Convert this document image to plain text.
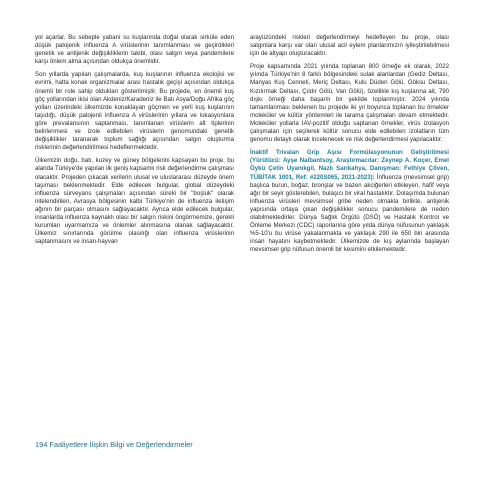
yol açarlar. Bu sebeple yabani su kuşlarında doğal olarak sirküle eden düşük patojenik influenza A virüslerinin tanımlanması ve geçirdikleri genetik ve antijenik değişikliklerin takibi, olası salgın veya pandemilere karşı önlem alma açısından oldukça önemlidir.

Son yıllarda yapılan çalışmalarda, kuş kuşlarının influenza ekolojisi ve evrimi, hatta konak organizmalar arası hastalık geçişi açısından oldukça önemli bir role sahip oldukları gösterilmiştir. Bu projede, en önemli kuş göç yollarından ikisi olan Akdeniz/Karadeniz ile Batı Asya/Doğu Afrika göç yolları üzerindeki ülkemizde konaklayan göçmen ve yerli kuş kuşlarının taşıdığı, düşük patojenli influenza A virüslerinin yıllara ve lokasyonlara göre prevalansının saptanması, tanımlanan virüslerin alt tiplerinin belirlenmesi ve izole edilebilen virüslerin genomundaki genetik değişiklikler taranarak toplum sağlığı açısından salgın oluşturma risklerinin değerlendirilmesi hedeflenmektedir.

Ülkemizin doğu, batı, kuzey ve güney bölgelerini kapsayan bu proje, bu alanda Türkiye'de yapılan ilk geniş kapsamlı risk değerlendirme çalışması olacaktır. Projeden çıkacak verilerin ulusal ve uluslararası düzeyde önem taşıması beklenmektedir. Elde edilecek bulgular, global düzeydeki influenza sürveyans çalışmaları açısından süreki bir "boşluk" olarak nitelendirilen, Avrasya bölgesinin kalbi Türkiye'nin de influenza iletişim ağının bir parçası olmasını sağlayacaktır. Ayrıca elde edilecek bulgular, insanlarda influenza kaynaklı olası bir salgın riskini öngörmemize, gerekli kurumları uyarmamıza ve önlemler alınmasına olanak sağlayacaktır. Ülkemiz sınırlarında görülme olasılığı olan influenza virüslerinin saptanmasını ve insan-hayvan

arayüzündeki riskleri değerlendirmeyi hedefleyen bu proje, olası salgınlara karşı var olan ulusal acil eylem planlarımızın iyileştirilebilmesi için de altyapı oluşturacaktır.

Proje kapsamında 2021 yılında toplanan 800 örneğe ek olarak, 2022 yılında Türkiye'nin 8 farklı bölgesindeki sulak alanlardan (Gediz Deltası, Manyas Kuş Cenneti, Meriç Deltası, Kulu Düden Gölü, Göksu Deltası, Kızılırmak Deltası, Çıldır Gölü, Van Gölü), özellikle kış kuşlarına ait, 790 dışkı örneği daha başarılı bir şekilde toplanmıştır. 2024 yılında tamamlanması beklenen bu projede iki yıl boyunca toplanan bu örnekler moleküler ve kültür yöntemleri ile tarama çalışmaları devam etmektedir. Moleküler yollarla IAV-pozitif olduğu saptanan örnekler, virüs izolasyon çalışmaları için seçilerek kültür sonucu elde edilebilen izolatların tüm genomu detaylı olarak incelenecek ve risk değerlendirmesi yapılacaktır.

İnaktif Trivalan Grip Aşısı Formülasyonunun Geliştirilmesi (Yürütücü: Ayşe Nalbantsoy, Araştırmacılar: Zeynep A. Koçer, Emel Öykü Çetin Uyanıkgil, Nazlı Sarıkahya, Danışman: Fethiye Çöven, TÜBİTAK 1001, Ref: #220S065, 2021-2023): İnfluenza (mevsimsel grip) başlıca burun, boğaz, bronşlar ve bazen akciğerleri etkileyen, hafif veya ağır bir seyir gösterebilen, bulaşıcı bir viral hastalıktır. Dolaşımda bulunan influenza virüsleri mevsimsel gribe neden olmakla birlikte, antijenik yapısında ortaya çıkan değişiklikler sonucu pandemilere de neden olabilmektedirler. Dünya Sağlık Örgütü (DSÖ) ve Hastalık Kontrol ve Önleme Merkezi (CDC) raporlarına göre yılda dünya nüfusunun yaklaşık %5-10'u bu virüse yakalanmakta ve yaklaşık 290 ile 650 bin arasında insan hayatını kaybetmektedir. Ülkemizde de kış aylarında başlayan mevsimsel grip nüfusun önemli bir kesimini etkilemektedir.

194 Faaliyetlere İlişkin Bilgi ve Değerlendirmeler
